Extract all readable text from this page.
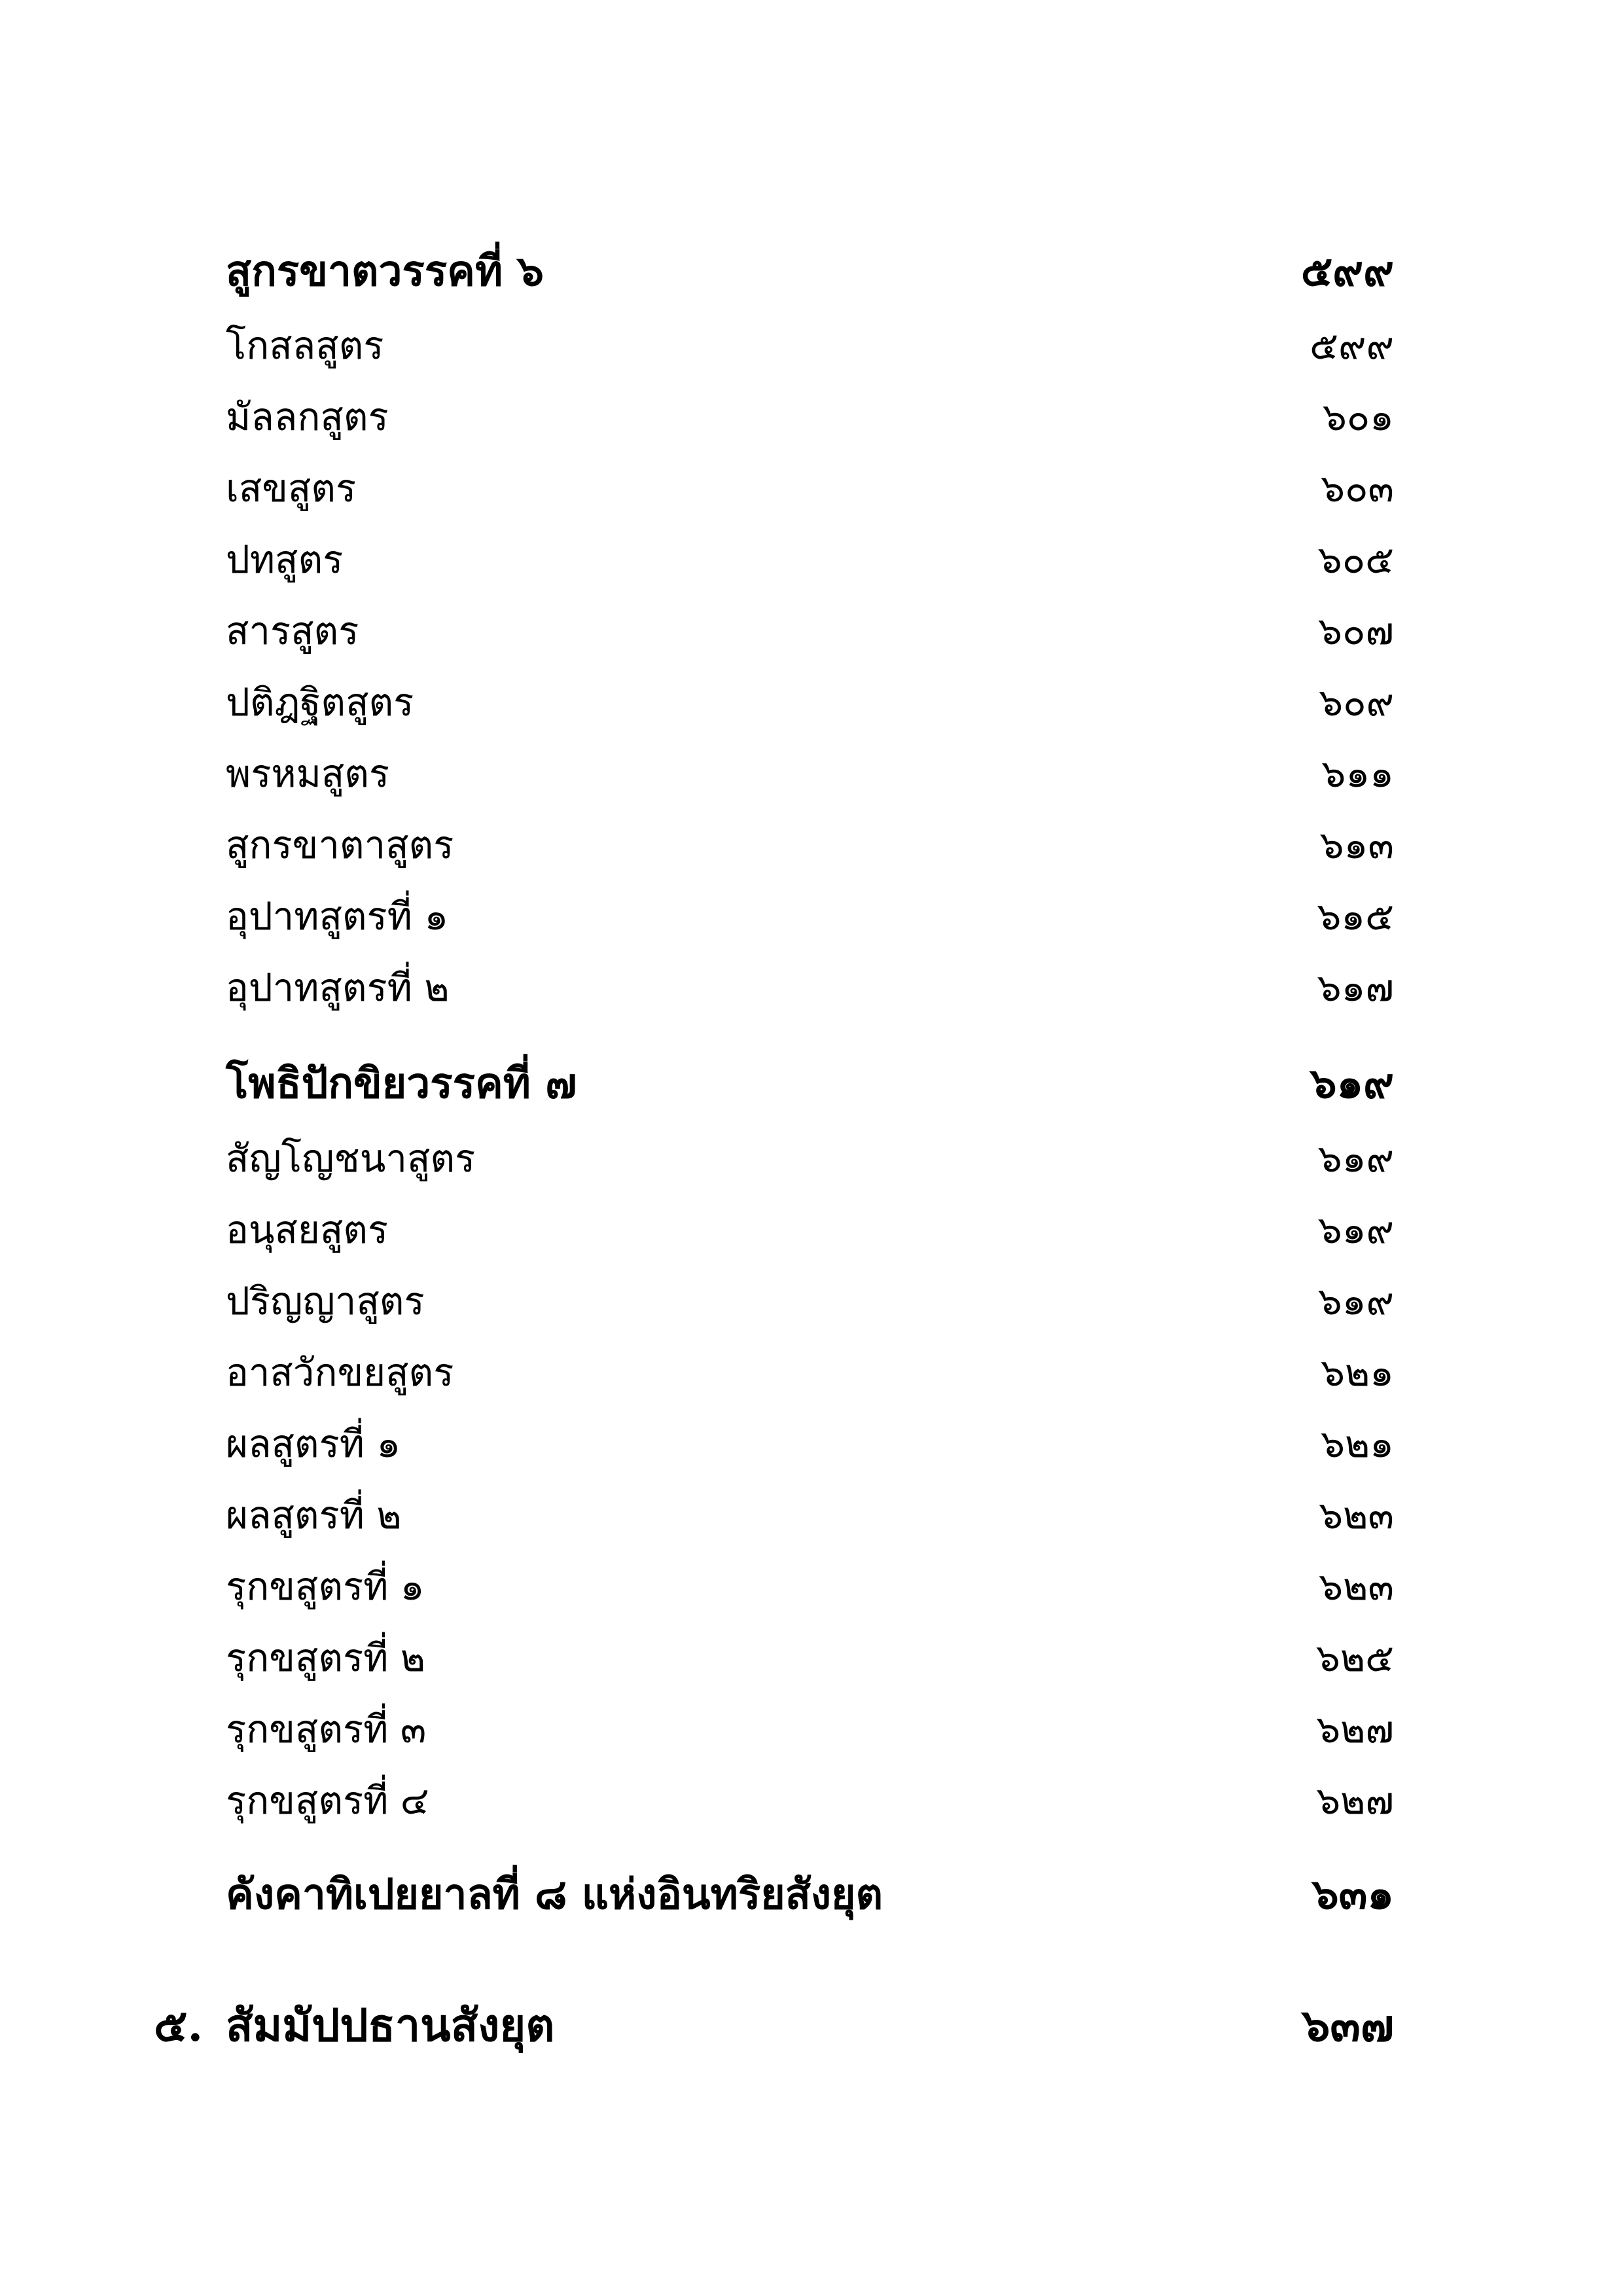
สูกรขาตวรรคที่ ๖	๕๙๙
โกสลสูตร	๕๙๙
มัลลกสูตร	๖๐๑
เสขสูตร	๖๐๓
ปทสูตร	๖๐๕
สารสูตร	๖๐๗
ปติฎฐิตสูตร	๖๐๙
พรหมสูตร	๖๑๑
สูกรขาตาสูตร	๖๑๓
อุปาทสูตรที่ ๑	๖๑๕
อุปาทสูตรที่ ๒	๖๑๗
โพธิปักขิยวรรคที่ ๗	๖๑๙
สัญโญชนาสูตร	๖๑๙
อนุสยสูตร	๖๑๙
ปริญญาสูตร	๖๑๙
อาสวักขยสูตร	๖๒๑
ผลสูตรที่ ๑	๖๒๑
ผลสูตรที่ ๒	๖๒๓
รุกขสูตรที่ ๑	๖๒๓
รุกขสูตรที่ ๒	๖๒๕
รุกขสูตรที่ ๓	๖๒๗
รุกขสูตรที่ ๔	๖๒๗
คังคาทิเปยยาลที่ ๘ แห่งอินทริยสังยุต	๖๓๑
๕. สัมมัปปธานสังยุต	๖๓๗
